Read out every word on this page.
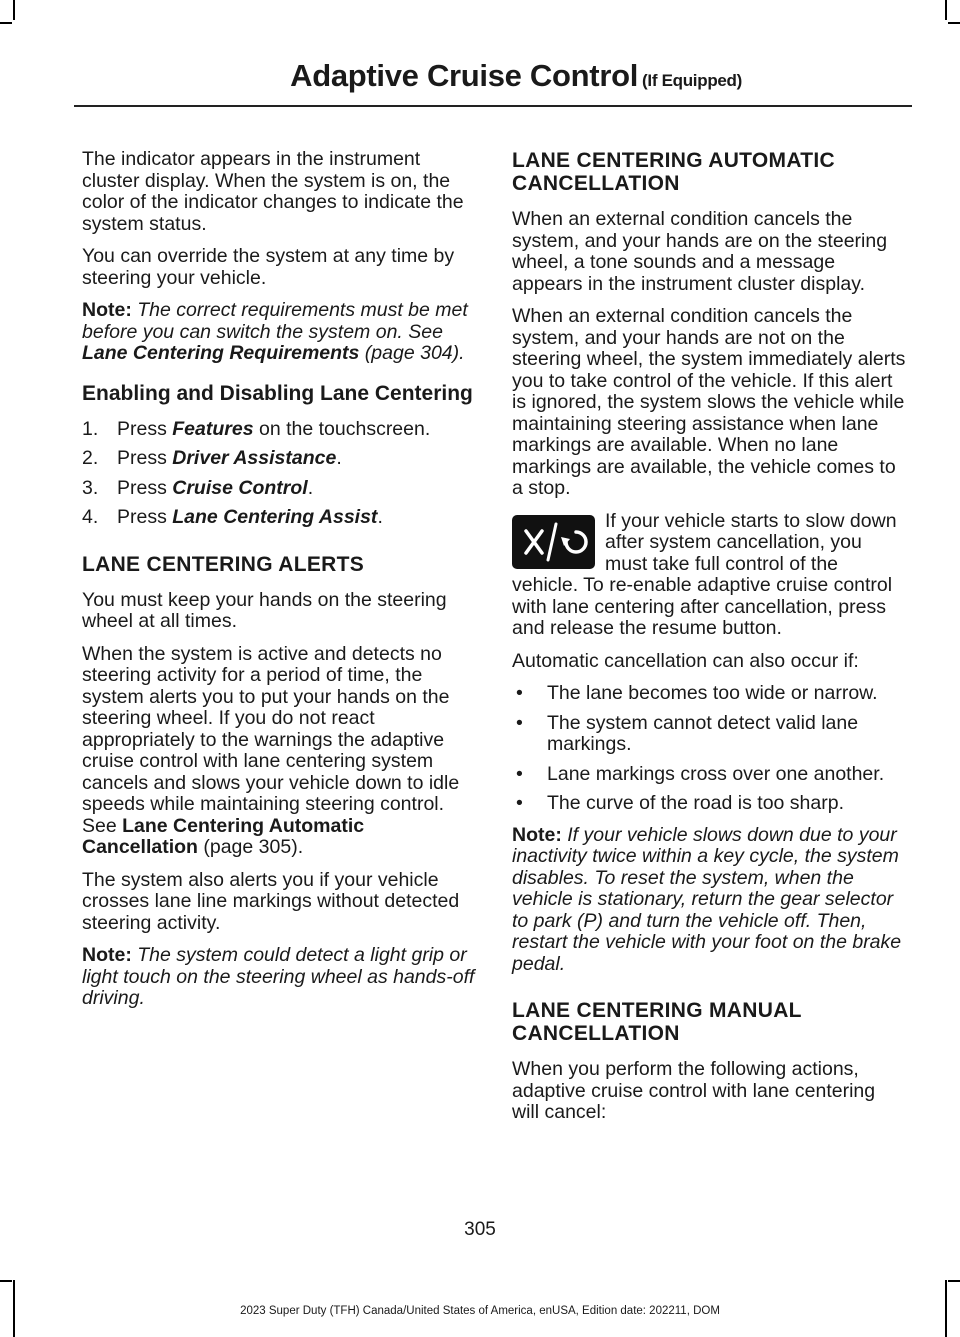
Adaptive Cruise Control (If Equipped)

The indicator appears in the instrument cluster display. When the system is on, the color of the indicator changes to indicate the system status.

You can override the system at any time by steering your vehicle.

Note: The correct requirements must be met before you can switch the system on. See Lane Centering Requirements (page 304).

Enabling and Disabling Lane Centering
1. Press Features on the touchscreen.
2. Press Driver Assistance.
3. Press Cruise Control.
4. Press Lane Centering Assist.
LANE CENTERING ALERTS

You must keep your hands on the steering wheel at all times.

When the system is active and detects no steering activity for a period of time, the system alerts you to put your hands on the steering wheel. If you do not react appropriately to the warnings the adaptive cruise control with lane centering system cancels and slows your vehicle down to idle speeds while maintaining steering control. See Lane Centering Automatic Cancellation (page 305).

The system also alerts you if your vehicle crosses lane line markings without detected steering activity.

Note: The system could detect a light grip or light touch on the steering wheel as hands-off driving.

LANE CENTERING AUTOMATIC CANCELLATION

When an external condition cancels the system, and your hands are on the steering wheel, a tone sounds and a message appears in the instrument cluster display.

When an external condition cancels the system, and your hands are not on the steering wheel, the system immediately alerts you to take control of the vehicle. If this alert is ignored, the system slows the vehicle while maintaining steering assistance when lane markings are available. When no lane markings are available, the vehicle comes to a stop.

If your vehicle starts to slow down after system cancellation, you must take full control of the vehicle. To re-enable adaptive cruise control with lane centering after cancellation, press and release the resume button.

Automatic cancellation can also occur if:

•	The lane becomes too wide or narrow.
•	The system cannot detect valid lane markings.
•	Lane markings cross over one another.
•	The curve of the road is too sharp.

Note: If your vehicle slows down due to your inactivity twice within a key cycle, the system disables. To reset the system, when the vehicle is stationary, return the gear selector to park (P) and turn the vehicle off. Then, restart the vehicle with your foot on the brake pedal.

LANE CENTERING MANUAL CANCELLATION

When you perform the following actions, adaptive cruise control with lane centering will cancel:

305
2023 Super Duty (TFH) Canada/United States of America, enUSA, Edition date: 202211, DOM
